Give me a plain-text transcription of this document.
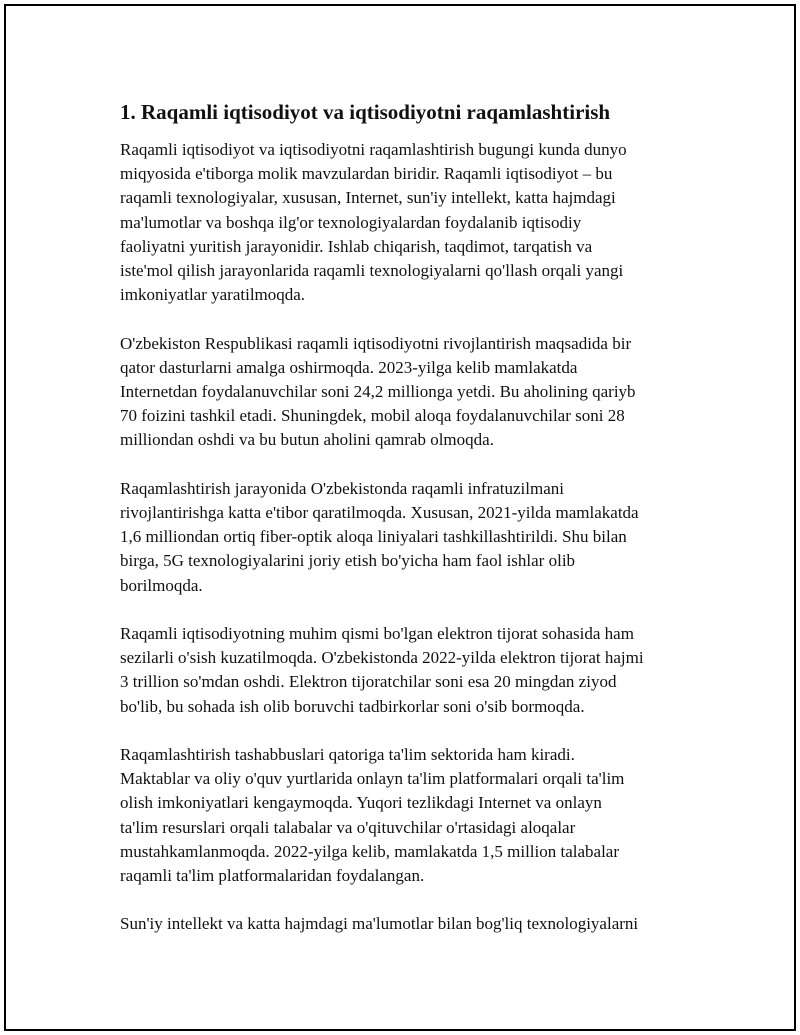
1. Raqamli iqtisodiyot va iqtisodiyotni raqamlashtirish

Raqamli iqtisodiyot va iqtisodiyotni raqamlashtirish bugungi kunda dunyo
miqyosida e'tiborga molik mavzulardan biridir. Raqamli iqtisodiyot – bu
raqamli texnologiyalar, xususan, Internet, sun'iy intellekt, katta hajmdagi
ma'lumotlar va boshqa ilg'or texnologiyalardan foydalanib iqtisodiy
faoliyatni yuritish jarayonidir. Ishlab chiqarish, taqdimot, tarqatish va
iste'mol qilish jarayonlarida raqamli texnologiyalarni qo'llash orqali yangi
imkoniyatlar yaratilmoqda.

O'zbekiston Respublikasi raqamli iqtisodiyotni rivojlantirish maqsadida bir
qator dasturlarni amalga oshirmoqda. 2023-yilga kelib mamlakatda
Internetdan foydalanuvchilar soni 24,2 millionga yetdi. Bu aholining qariyb
70 foizini tashkil etadi. Shuningdek, mobil aloqa foydalanuvchilar soni 28
milliondan oshdi va bu butun aholini qamrab olmoqda.

Raqamlashtirish jarayonida O'zbekistonda raqamli infratuzilmani
rivojlantirishga katta e'tibor qaratilmoqda. Xususan, 2021-yilda mamlakatda
1,6 milliondan ortiq fiber-optik aloqa liniyalari tashkillashtirildi. Shu bilan
birga, 5G texnologiyalarini joriy etish bo'yicha ham faol ishlar olib
borilmoqda.

Raqamli iqtisodiyotning muhim qismi bo'lgan elektron tijorat sohasida ham
sezilarli o'sish kuzatilmoqda. O'zbekistonda 2022-yilda elektron tijorat hajmi
3 trillion so'mdan oshdi. Elektron tijoratchilar soni esa 20 mingdan ziyod
bo'lib, bu sohada ish olib boruvchi tadbirkorlar soni o'sib bormoqda.

Raqamlashtirish tashabbuslari qatoriga ta'lim sektorida ham kiradi.
Maktablar va oliy o'quv yurtlarida onlayn ta'lim platformalari orqali ta'lim
olish imkoniyatlari kengaymoqda. Yuqori tezlikdagi Internet va onlayn
ta'lim resurslari orqali talabalar va o'qituvchilar o'rtasidagi aloqalar
mustahkamlanmoqda. 2022-yilga kelib, mamlakatda 1,5 million talabalar
raqamli ta'lim platformalaridan foydalangan.

Sun'iy intellekt va katta hajmdagi ma'lumotlar bilan bog'liq texnologiyalarni
